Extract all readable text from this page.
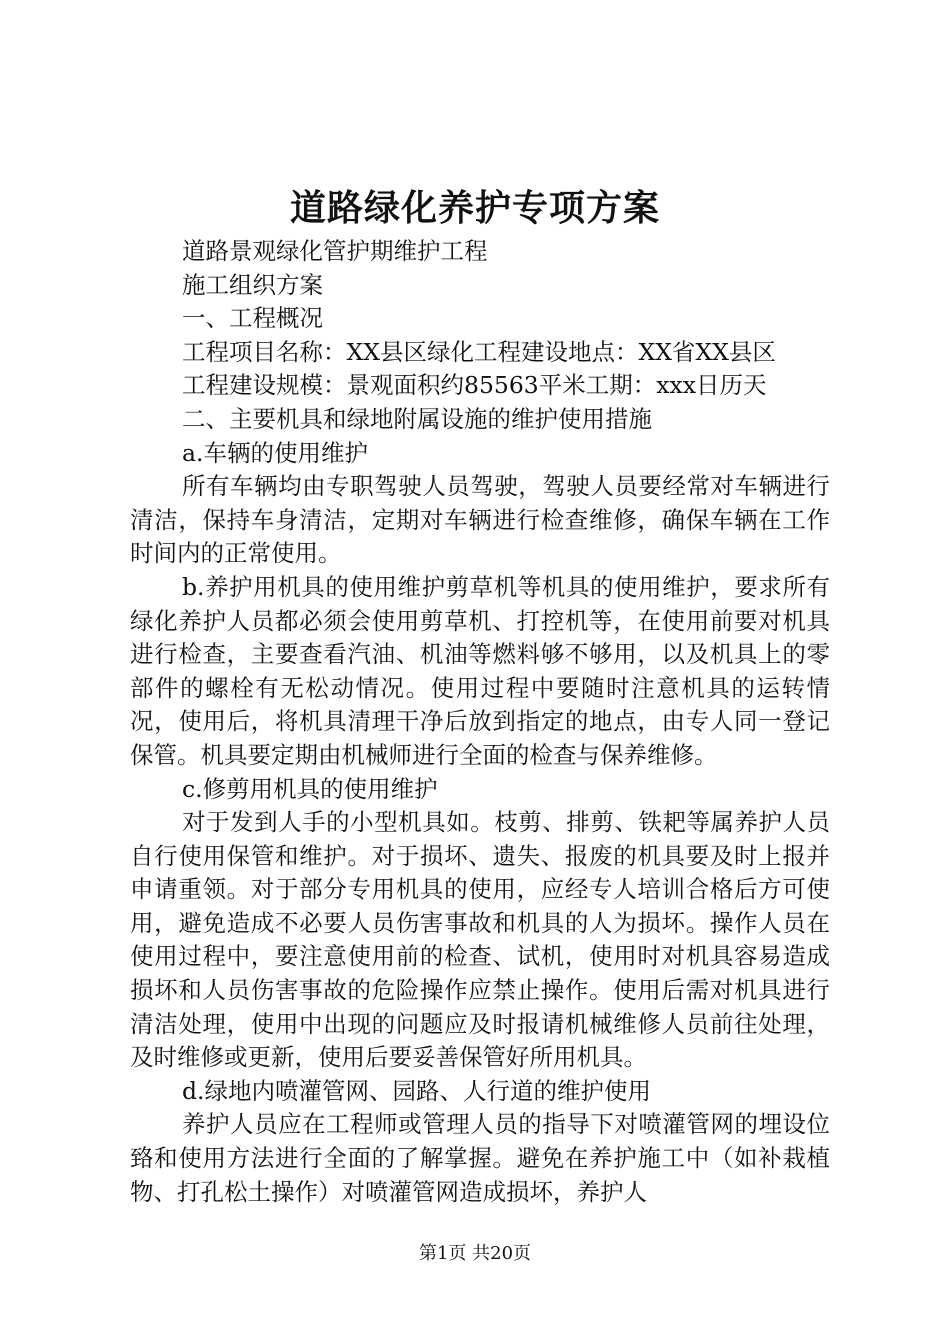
道路绿化养护专项方案

道路景观绿化管护期维护工程

施工组织方案

一、工程概况

工程项目名称：XX县区绿化工程建设地点：XX省XX县区

工程建设规模：景观面积约85563平米工期：xxx日历天

二、主要机具和绿地附属设施的维护使用措施

a.车辆的使用维护

所有车辆均由专职驾驶人员驾驶，驾驶人员要经常对车辆进行清洁，保持车身清洁，定期对车辆进行检查维修，确保车辆在工作时间内的正常使用。

b.养护用机具的使用维护剪草机等机具的使用维护，要求所有绿化养护人员都必须会使用剪草机、打控机等，在使用前要对机具进行检查，主要查看汽油、机油等燃料够不够用，以及机具上的零部件的螺栓有无松动情况。使用过程中要随时注意机具的运转情况，使用后，将机具清理干净后放到指定的地点，由专人同一登记保管。机具要定期由机械师进行全面的检查与保养维修。

c.修剪用机具的使用维护

对于发到人手的小型机具如。枝剪、排剪、铁耙等属养护人员自行使用保管和维护。对于损坏、遗失、报废的机具要及时上报并申请重领。对于部分专用机具的使用，应经专人培训合格后方可使用，避免造成不必要人员伤害事故和机具的人为损坏。操作人员在使用过程中，要注意使用前的检查、试机，使用时对机具容易造成损坏和人员伤害事故的危险操作应禁止操作。使用后需对机具进行清洁处理，使用中出现的问题应及时报请机械维修人员前往处理，及时维修或更新，使用后要妥善保管好所用机具。

d.绿地内喷灌管网、园路、人行道的维护使用

养护人员应在工程师或管理人员的指导下对喷灌管网的埋设位臵和使用方法进行全面的了解掌握。避免在养护施工中（如补栽植物、打孔松土操作）对喷灌管网造成损坏，养护人

第1页 共20页
